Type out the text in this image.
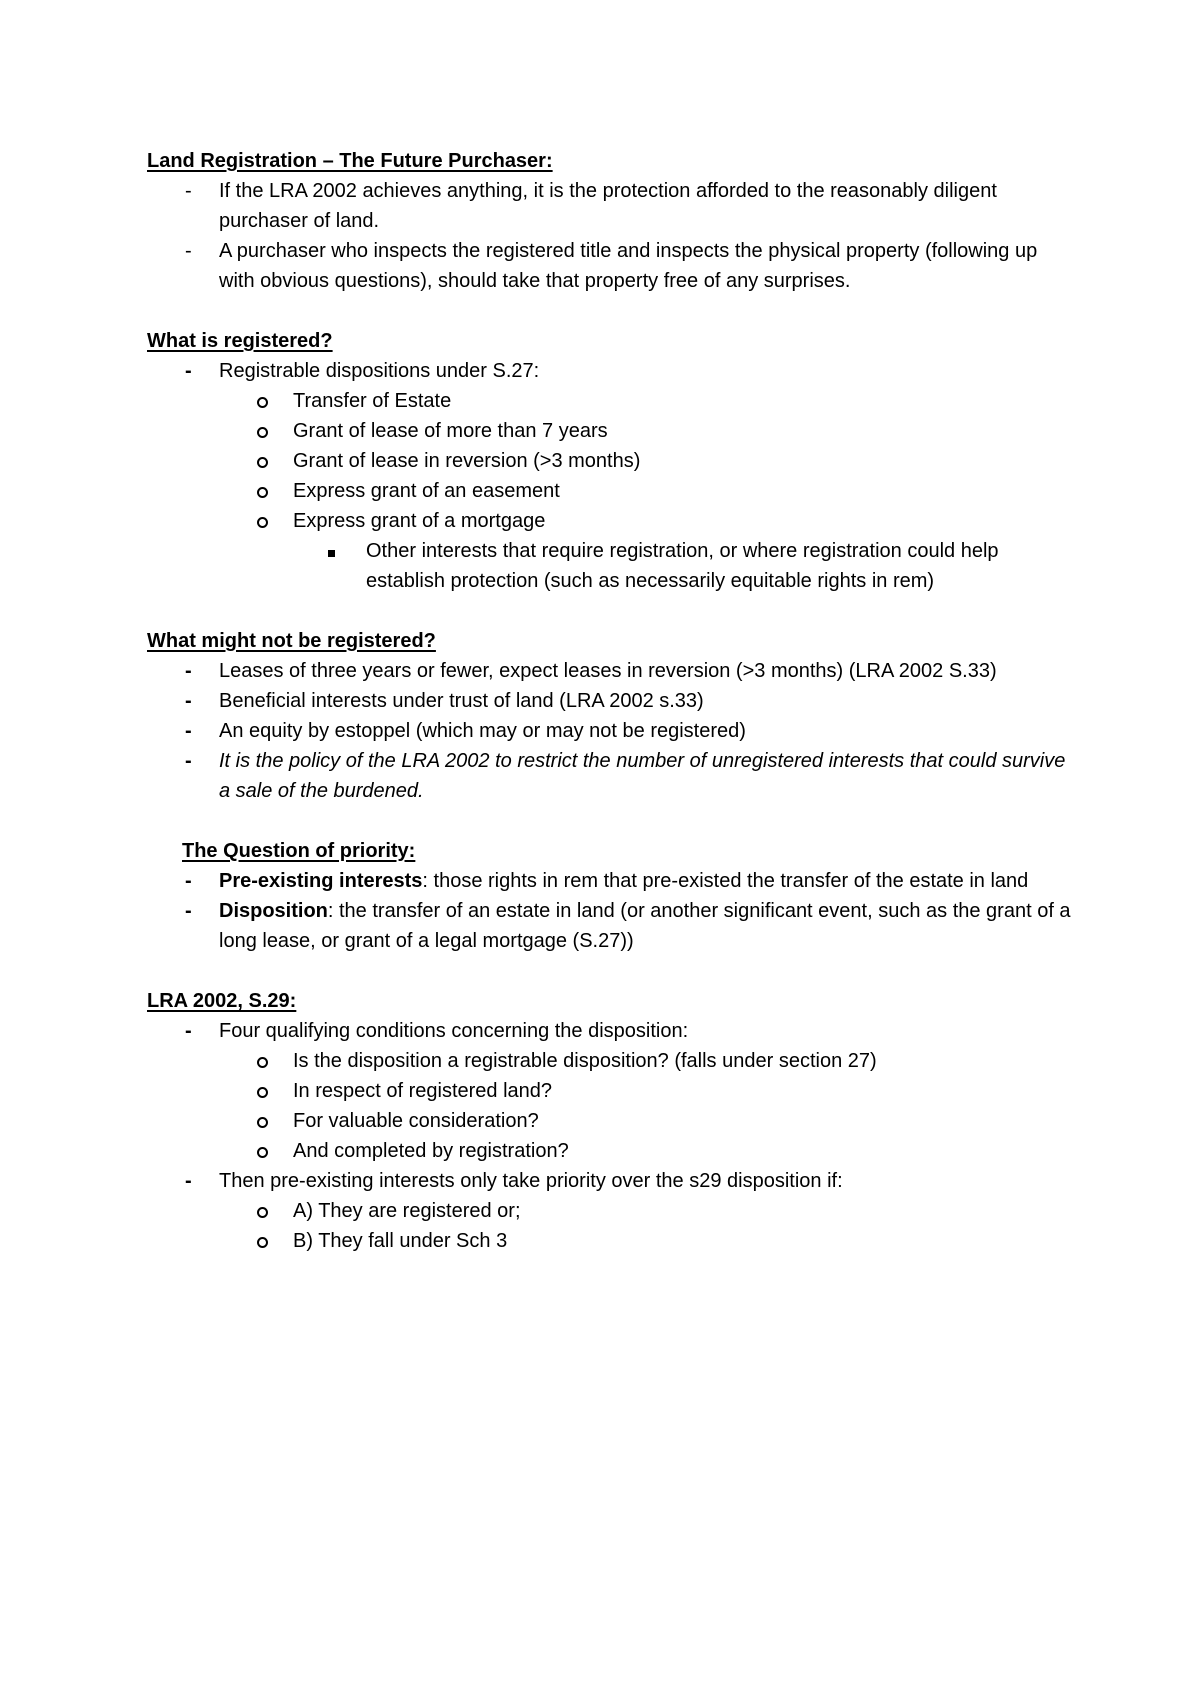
Land Registration – The Future Purchaser:

- If the LRA 2002 achieves anything, it is the protection afforded to the reasonably diligent purchaser of land.
- A purchaser who inspects the registered title and inspects the physical property (following up with obvious questions), should take that property free of any surprises.

What is registered?

- Registrable dispositions under S.27:
Transfer of Estate
Grant of lease of more than 7 years
Grant of lease in reversion (>3 months)
Express grant of an easement
Express grant of a mortgage
Other interests that require registration, or where registration could help establish protection (such as necessarily equitable rights in rem)

What might not be registered?

- Leases of three years or fewer, expect leases in reversion (>3 months) (LRA 2002 S.33)
- Beneficial interests under trust of land (LRA 2002 s.33)
- An equity by estoppel (which may or may not be registered)
- It is the policy of the LRA 2002 to restrict the number of unregistered interests that could survive a sale of the burdened.

The Question of priority:

- Pre-existing interests: those rights in rem that pre-existed the transfer of the estate in land
- Disposition: the transfer of an estate in land (or another significant event, such as the grant of a long lease, or grant of a legal mortgage (S.27))

LRA 2002, S.29:

- Four qualifying conditions concerning the disposition:
Is the disposition a registrable disposition? (falls under section 27)
In respect of registered land?
For valuable consideration?
And completed by registration?
- Then pre-existing interests only take priority over the s29 disposition if:
A) They are registered or;
B) They fall under Sch 3
